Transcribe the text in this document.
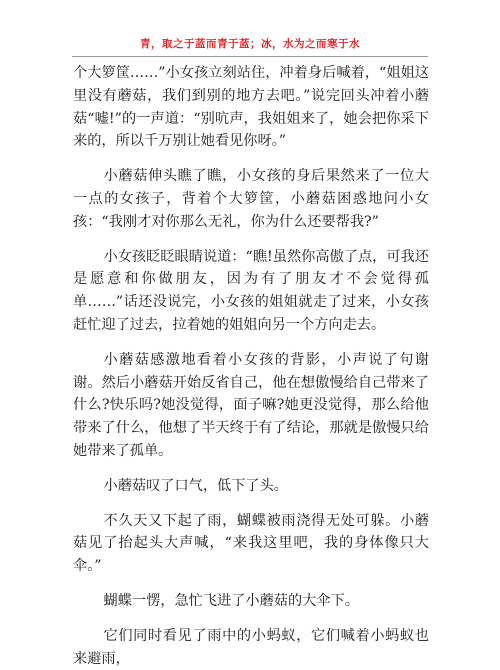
青，取之于蓝而青于蓝；冰，水为之而寒于水

个大箩筐……”小女孩立刻站住，冲着身后喊着，“姐姐这里没有蘑菇，我们到别的地方去吧。”说完回头冲着小蘑菇“嘘!”的一声道：“别吭声，我姐姐来了，她会把你采下来的，所以千万别让她看见你呀。”

小蘑菇伸头瞧了瞧，小女孩的身后果然来了一位大一点的女孩子，背着个大箩筐，小蘑菇困惑地问小女孩：“我刚才对你那么无礼，你为什么还要帮我?”

小女孩眨眨眼睛说道：“瞧!虽然你高傲了点，可我还是愿意和你做朋友，因为有了朋友才不会觉得孤单……”话还没说完，小女孩的姐姐就走了过来，小女孩赶忙迎了过去，拉着她的姐姐向另一个方向走去。

小蘑菇感激地看着小女孩的背影，小声说了句谢谢。然后小蘑菇开始反省自己，他在想傲慢给自己带来了什么?快乐吗?她没觉得，面子嘛?她更没觉得，那么给他带来了什么，他想了半天终于有了结论，那就是傲慢只给她带来了孤单。

小蘑菇叹了口气，低下了头。

不久天又下起了雨，蝴蝶被雨浇得无处可躲。小蘑菇见了抬起头大声喊，“来我这里吧，我的身体像只大伞。”

蝴蝶一愣，急忙飞进了小蘑菇的大伞下。

它们同时看见了雨中的小蚂蚁，它们喊着小蚂蚁也来避雨，
